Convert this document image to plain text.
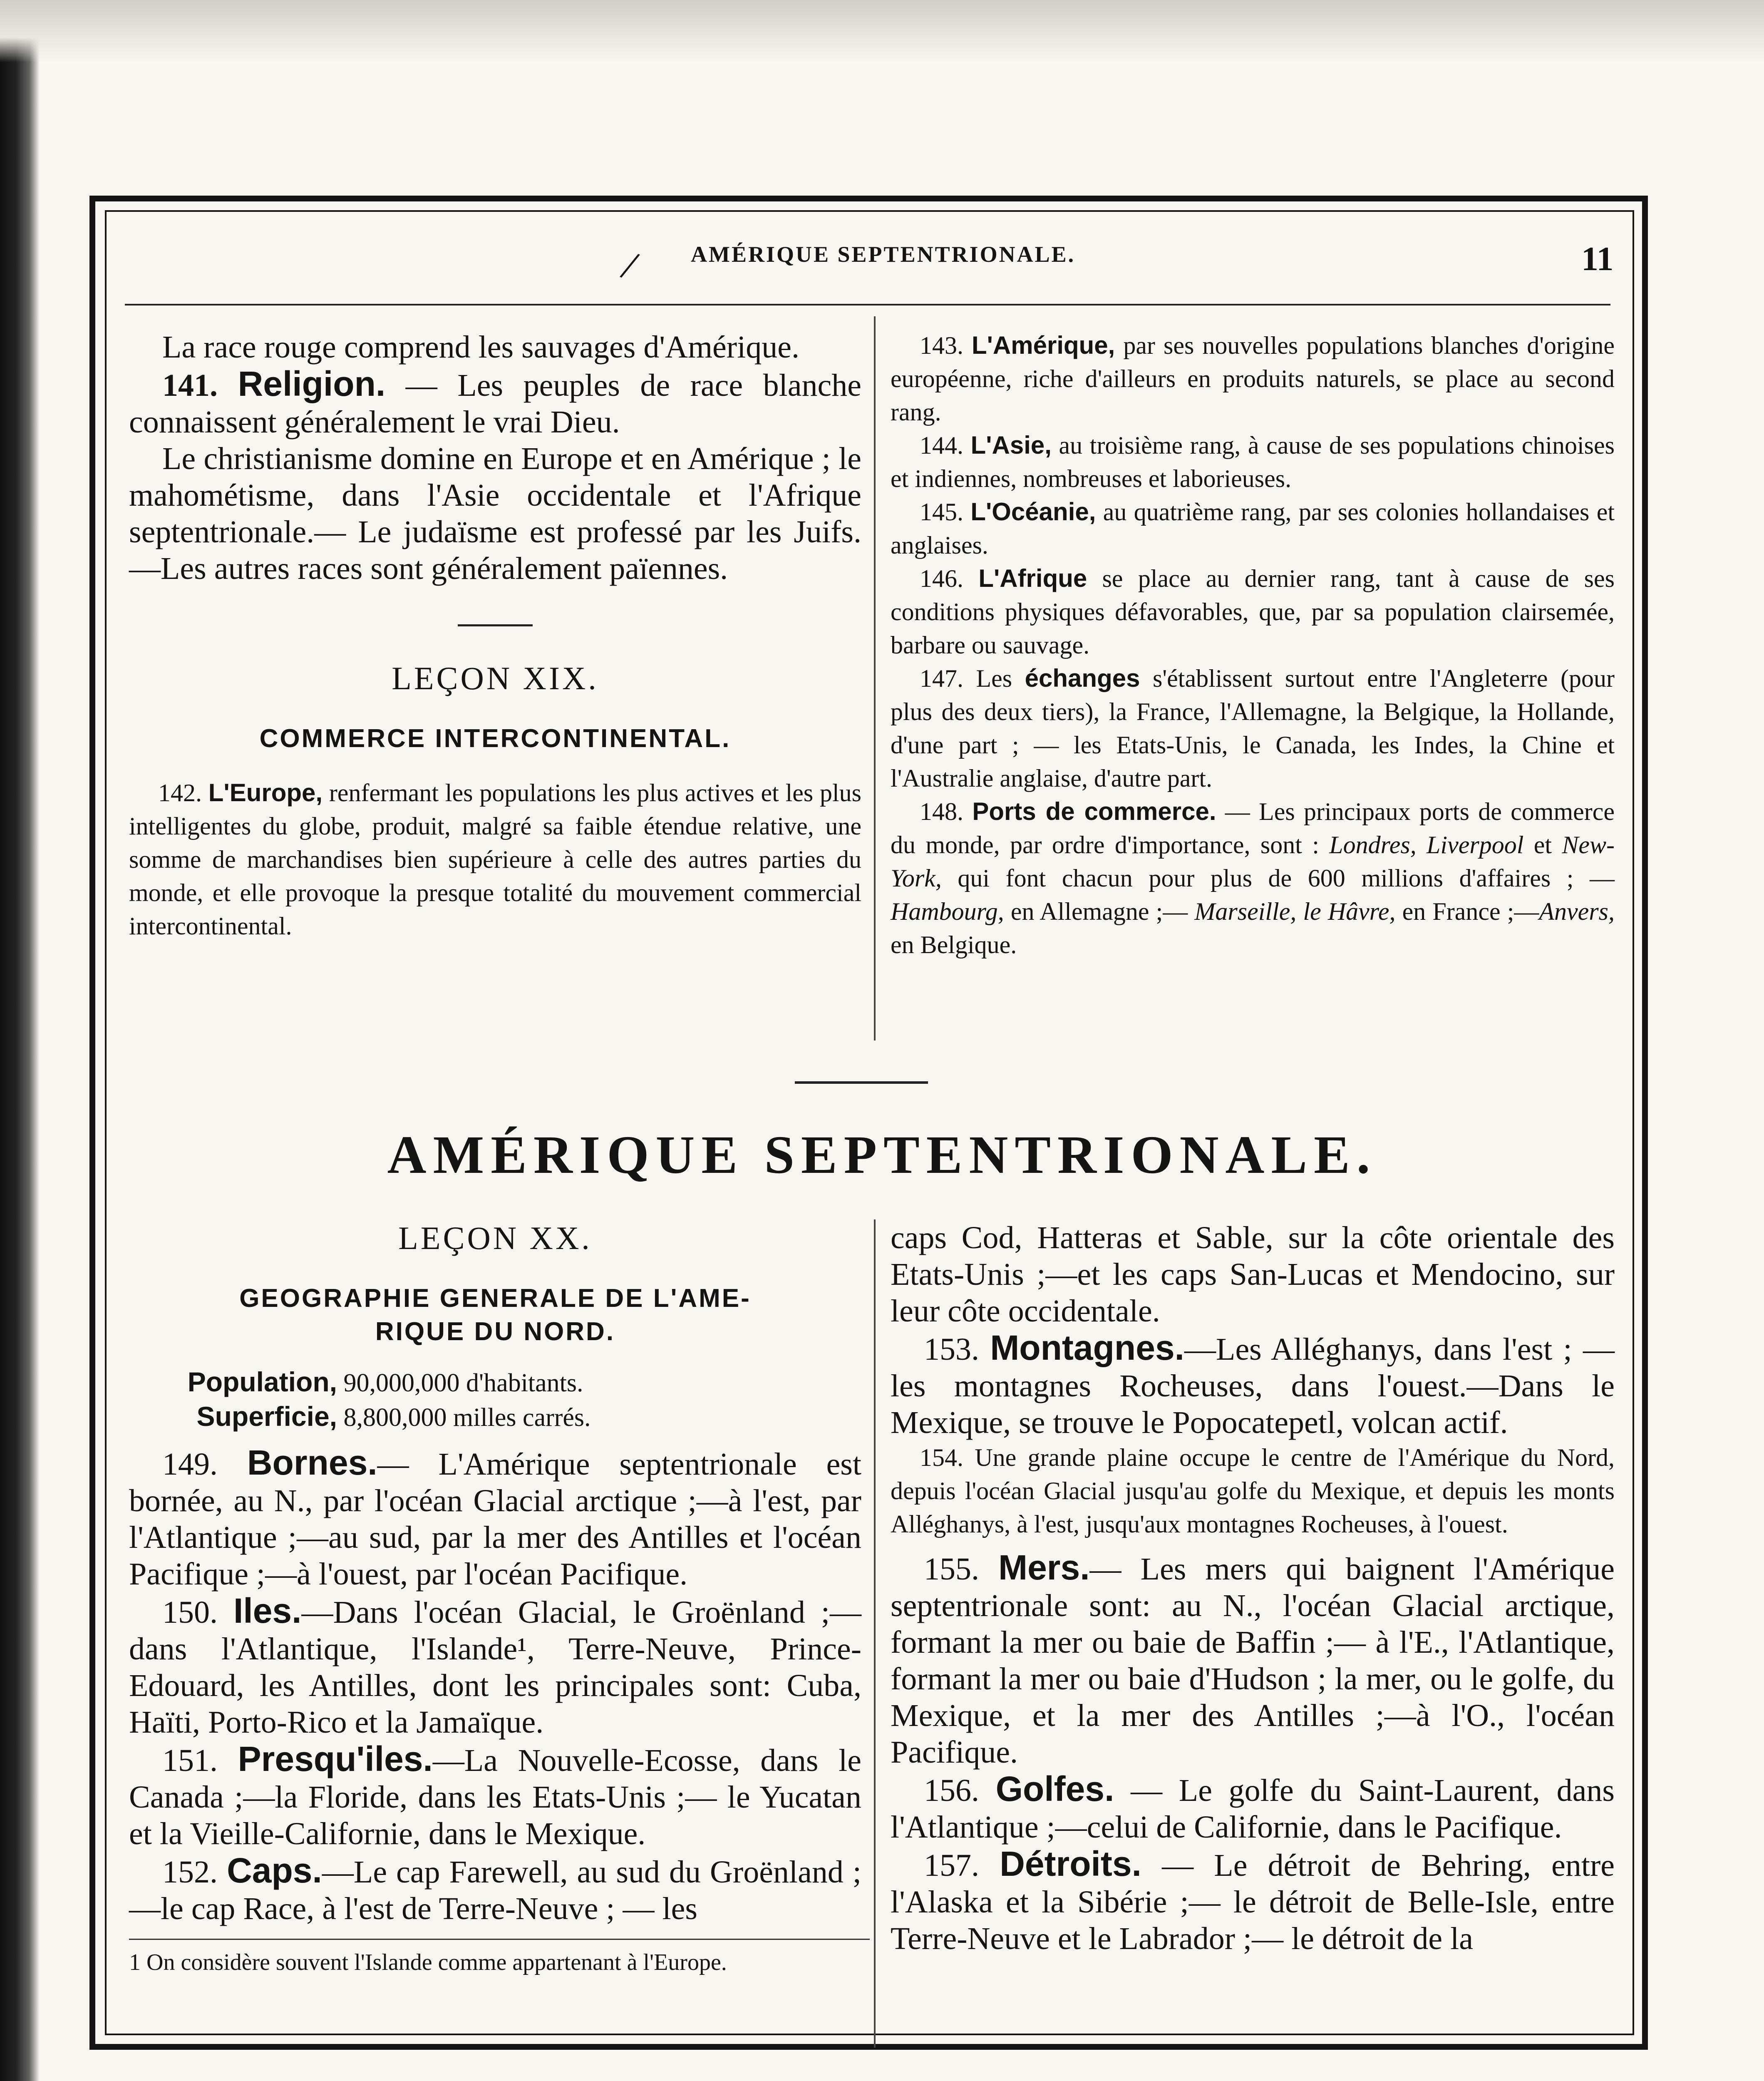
/ AMÉRIQUE SEPTENTRIONALE.	11

La race rouge comprend les sauvages d'Amérique.

141. Religion. — Les peuples de race blanche connaissent généralement le vrai Dieu.

Le christianisme domine en Europe et en Amérique ; le mahométisme, dans l'Asie occidentale et l'Afrique septentrionale.— Le judaïsme est professé par les Juifs.—Les autres races sont généralement païennes.

LEÇON XIX.

COMMERCE INTERCONTINENTAL.

142. L'Europe, renfermant les populations les plus actives et les plus intelligentes du globe, produit, malgré sa faible étendue relative, une somme de marchandises bien supérieure à celle des autres parties du monde, et elle provoque la presque totalité du mouvement commercial intercontinental.

143. L'Amérique, par ses nouvelles populations blanches d'origine européenne, riche d'ailleurs en produits naturels, se place au second rang.

144. L'Asie, au troisième rang, à cause de ses populations chinoises et indiennes, nombreuses et laborieuses.

145. L'Océanie, au quatrième rang, par ses colonies hollandaises et anglaises.

146. L'Afrique se place au dernier rang, tant à cause de ses conditions physiques défavorables, que, par sa population clairsemée, barbare ou sauvage.

147. Les échanges s'établissent surtout entre l'Angleterre (pour plus des deux tiers), la France, l'Allemagne, la Belgique, la Hollande, d'une part ; — les Etats-Unis, le Canada, les Indes, la Chine et l'Australie anglaise, d'autre part.

148. Ports de commerce. — Les principaux ports de commerce du monde, par ordre d'importance, sont : Londres, Liverpool et New-York, qui font chacun pour plus de 600 millions d'affaires ; — Hambourg, en Allemagne ;— Marseille, le Hâvre, en France ;—Anvers, en Belgique.

AMÉRIQUE SEPTENTRIONALE.

LEÇON XX.

GEOGRAPHIE GENERALE DE L'AME-

RIQUE DU NORD.

Population, 90,000,000 d'habitants.
Superficie, 8,800,000 milles carrés.

149. Bornes.— L'Amérique septentrionale est bornée, au N., par l'océan Glacial arctique ;—à l'est, par l'Atlantique ;—au sud, par la mer des Antilles et l'océan Pacifique ;—à l'ouest, par l'océan Pacifique.

150. Iles.—Dans l'océan Glacial, le Groënland ;—dans l'Atlantique, l'Islande¹, Terre-Neuve, Prince-Edouard, les Antilles, dont les principales sont: Cuba, Haïti, Porto-Rico et la Jamaïque.

151. Presqu'iles.—La Nouvelle-Ecosse, dans le Canada ;—la Floride, dans les Etats-Unis ;— le Yucatan et la Vieille-Californie, dans le Mexique.

152. Caps.—Le cap Farewell, au sud du Groënland ; —le cap Race, à l'est de Terre-Neuve ; — les

1 On considère souvent l'Islande comme appartenant à l'Europe.

caps Cod, Hatteras et Sable, sur la côte orientale des Etats-Unis ;—et les caps San-Lucas et Mendocino, sur leur côte occidentale.

153. Montagnes.—Les Alléghanys, dans l'est ; —les montagnes Rocheuses, dans l'ouest.—Dans le Mexique, se trouve le Popocatepetl, volcan actif.

154. Une grande plaine occupe le centre de l'Amérique du Nord, depuis l'océan Glacial jusqu'au golfe du Mexique, et depuis les monts Alléghanys, à l'est, jusqu'aux montagnes Rocheuses, à l'ouest.

155. Mers.— Les mers qui baignent l'Amérique septentrionale sont: au N., l'océan Glacial arctique, formant la mer ou baie de Baffin ;— à l'E., l'Atlantique, formant la mer ou baie d'Hudson ; la mer, ou le golfe, du Mexique, et la mer des Antilles ;—à l'O., l'océan Pacifique.

156. Golfes. — Le golfe du Saint-Laurent, dans l'Atlantique ;—celui de Californie, dans le Pacifique.

157. Détroits. — Le détroit de Behring, entre l'Alaska et la Sibérie ;— le détroit de Belle-Isle, entre Terre-Neuve et le Labrador ;— le détroit de la
